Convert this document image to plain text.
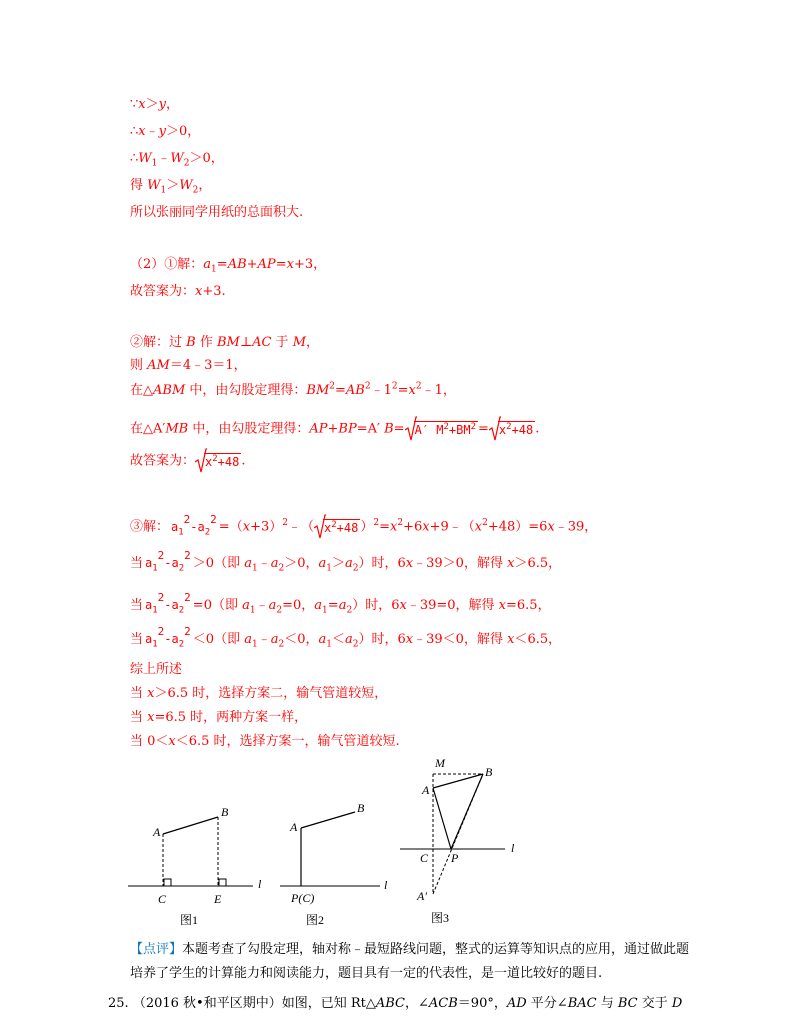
∵x＞y，
∴x﹣y＞0，
$\therefore W_1﹣W_2>0$，
得 $W_1>W_2$，
所以张丽同学用纸的总面积大.
（2）①解：$a_1=AB+AP=x+3$，
故答案为：x+3.
②解：过 B 作 BM⊥AC 于 M，
则 AM＝4﹣3＝1，
在△ABM 中，由勾股定理得：$BM^2=AB^2﹣1^2=x^2﹣1$，
在△A′MB 中，由勾股定理得：AP+BP=A′ B= A′ $M^2+BM^2 = x^2+48$ .
故答案为： $x^2+48$ .
③解： $a_12-a_22=(x+3)^2﹣$（ $x^2+48$ ）$^2=x^2+6x+9﹣(x^2+48)=6x﹣39$，
当 $a_12-a_22>0$（即 $a_1﹣a_2>0$，$a_1>a_2$）时，6x﹣39＞0，解得 x＞6.5，
当 $a_12-a_22=0$（即 $a_1﹣a_2=0$，$a_1=a_2$）时，6x﹣39=0，解得 x=6.5，
当 $a_12-a_22<0$（即 $a_1﹣a_2<0$，$a_1<a_2$）时，6x﹣39＜0，解得 x＜6.5，
综上所述
当 x＞6.5 时，选择方案二，输气管道较短，
当 x=6.5 时，两种方案一样，
当 0＜x＜6.5 时，选择方案一，输气管道较短.
A
B
C	E
l
图1
A
B
P(C)
l
图2
M
A
B
C P
A′
l
图3
【点评】本题考查了勾股定理，轴对称﹣最短路线问题，整式的运算等知识点的应用，通过做此题培养了学生的计算能力和阅读能力，题目具有一定的代表性，是一道比较好的题目.
25. （2016 秋•和平区期中）如图，已知 Rt△ABC，∠ACB＝90°，AD 平分∠BAC 与 BC 交于 D
